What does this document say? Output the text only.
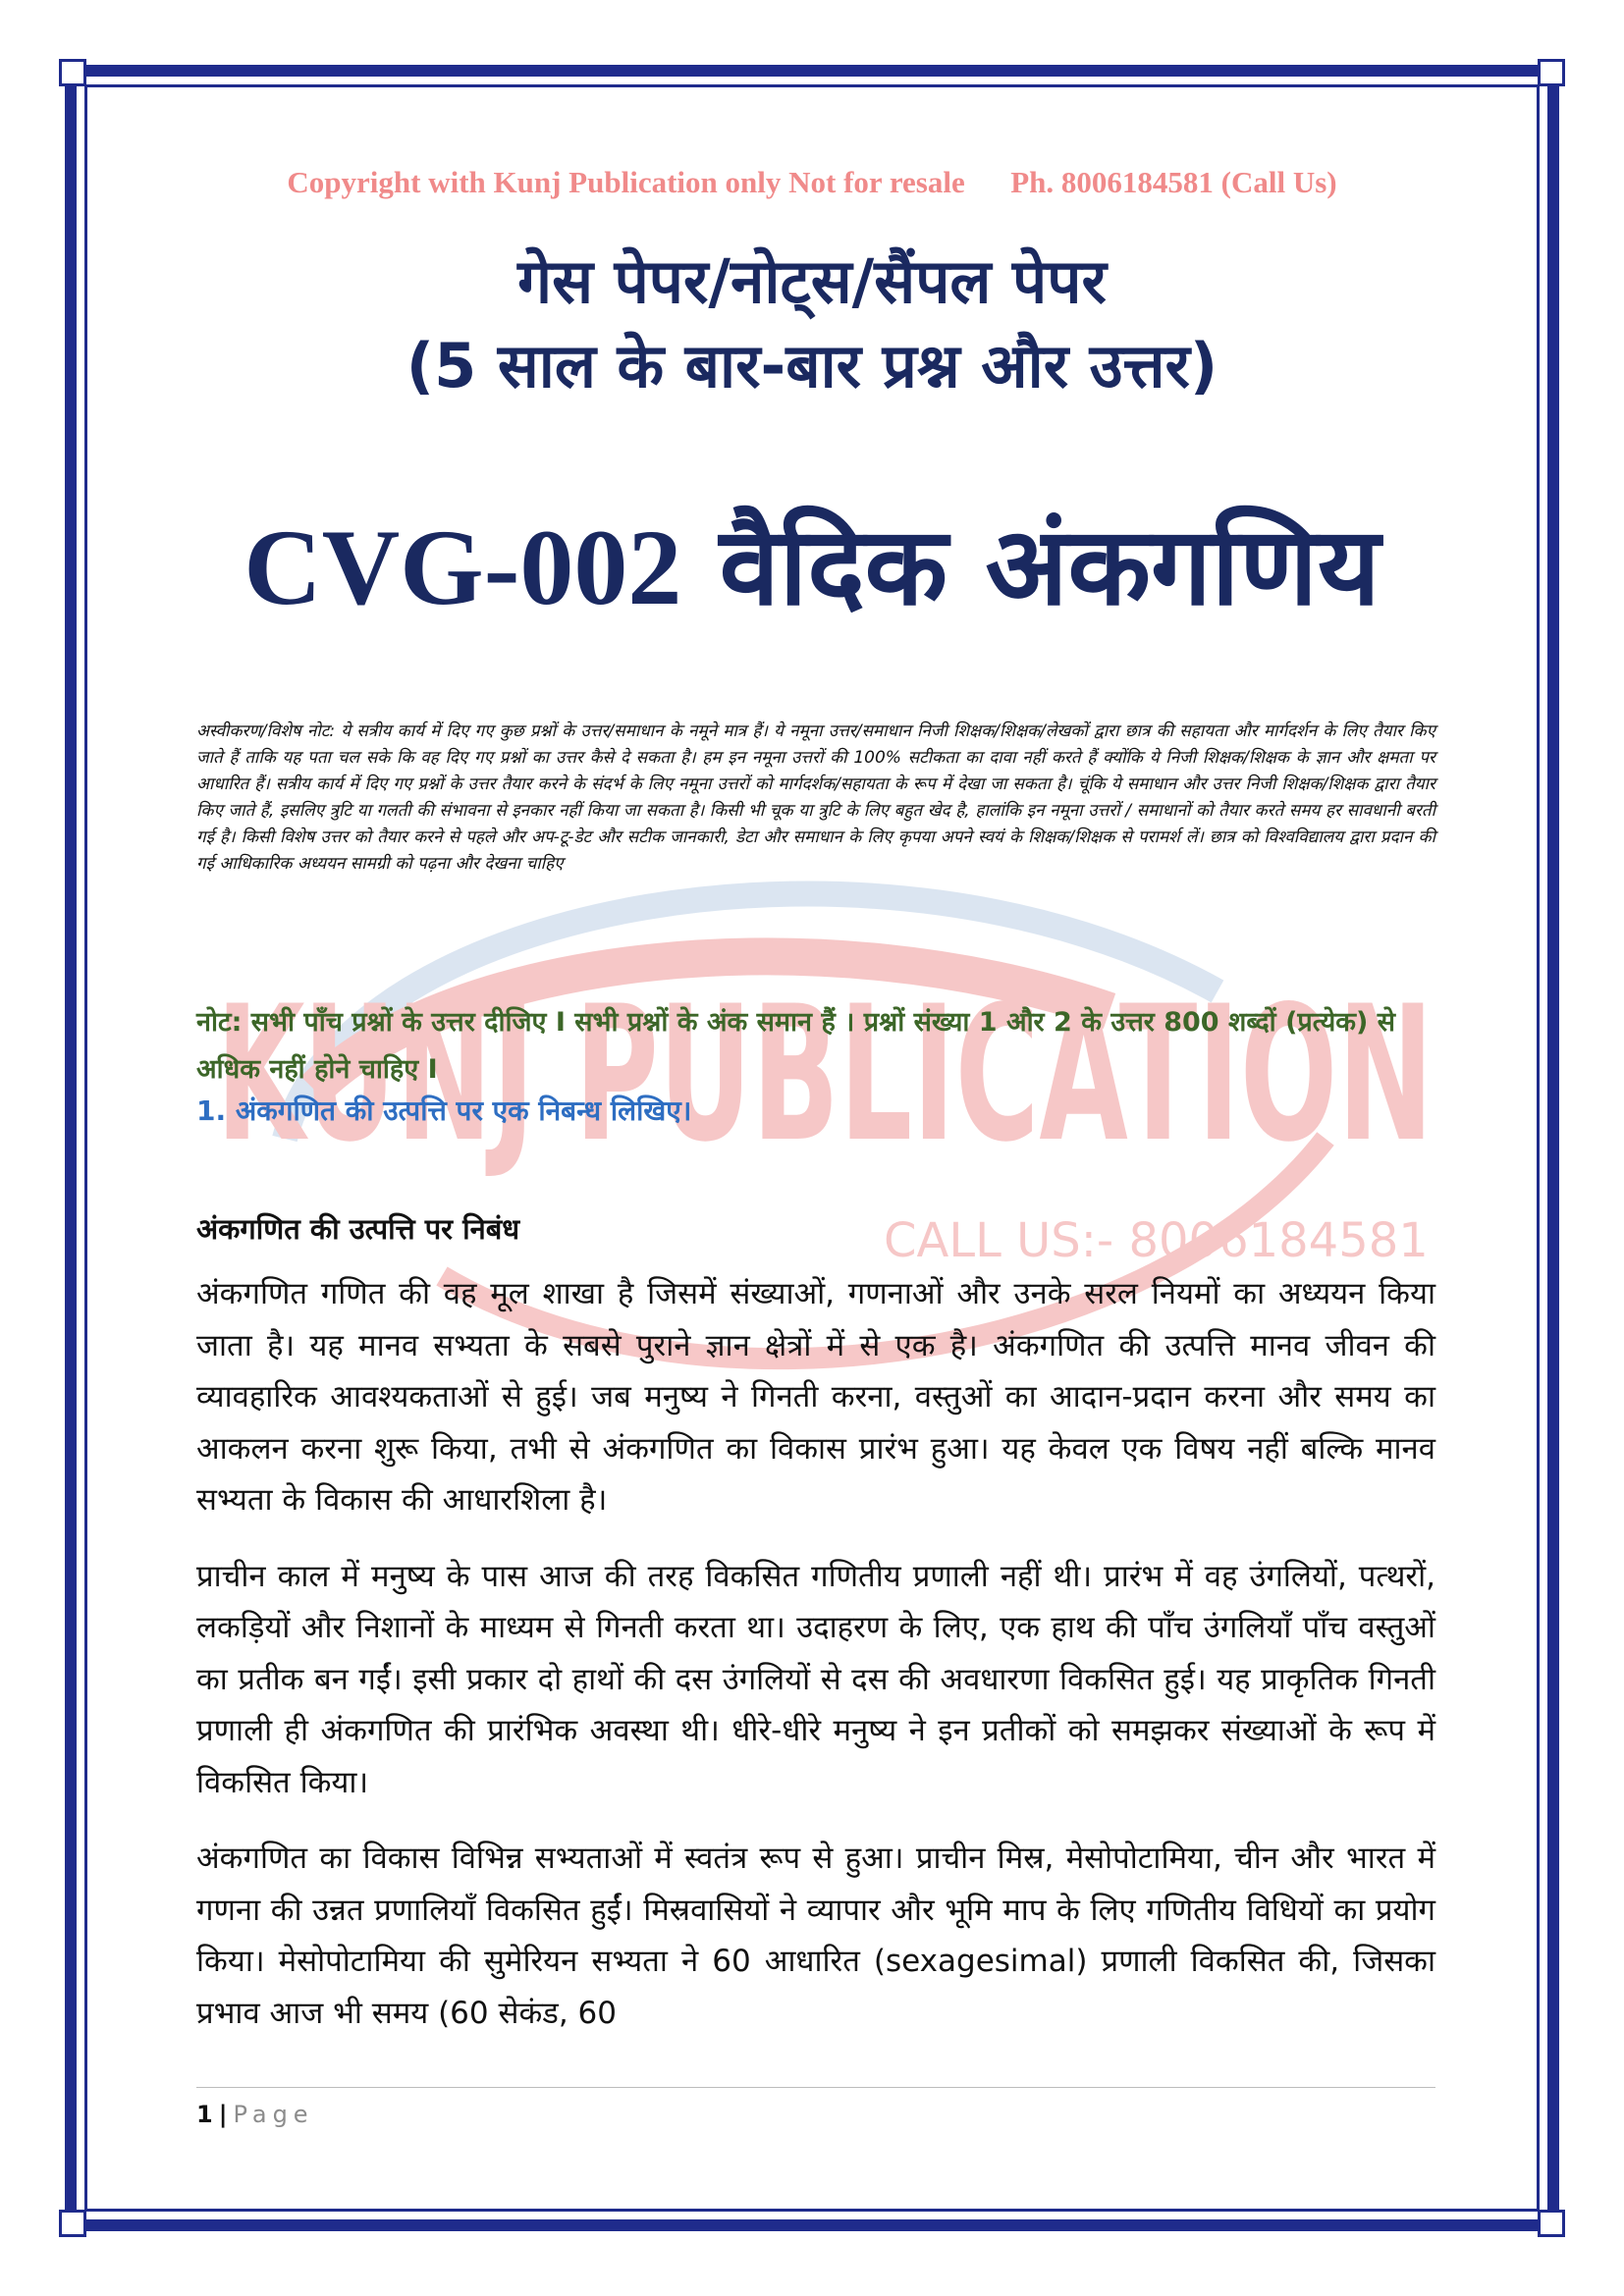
KUNJ PUBLICATION
CALL US:- 8006184581
Copyright with Kunj Publication only Not for resale      Ph. 8006184581 (Call Us)
गेस पेपर/नोट्स/सैंपल पेपर
(5 साल के बार-बार प्रश्न और उत्तर)
CVG-002 वैदिक अंकगणिय
अस्वीकरण/विशेष नोट: ये सत्रीय कार्य में दिए गए कुछ प्रश्नों के उत्तर/समाधान के नमूने मात्र हैं। ये नमूना उत्तर/समाधान निजी शिक्षक/शिक्षक/लेखकों द्वारा छात्र की सहायता और मार्गदर्शन के लिए तैयार किए जाते हैं ताकि यह पता चल सके कि वह दिए गए प्रश्नों का उत्तर कैसे दे सकता है। हम इन नमूना उत्तरों की 100% सटीकता का दावा नहीं करते हैं क्योंकि ये निजी शिक्षक/शिक्षक के ज्ञान और क्षमता पर आधारित हैं। सत्रीय कार्य में दिए गए प्रश्नों के उत्तर तैयार करने के संदर्भ के लिए नमूना उत्तरों को मार्गदर्शक/सहायता के रूप में देखा जा सकता है। चूंकि ये समाधान और उत्तर निजी शिक्षक/शिक्षक द्वारा तैयार किए जाते हैं, इसलिए त्रुटि या गलती की संभावना से इनकार नहीं किया जा सकता है। किसी भी चूक या त्रुटि के लिए बहुत खेद है, हालांकि इन नमूना उत्तरों / समाधानों को तैयार करते समय हर सावधानी बरती गई है। किसी विशेष उत्तर को तैयार करने से पहले और अप-टू-डेट और सटीक जानकारी, डेटा और समाधान के लिए कृपया अपने स्वयं के शिक्षक/शिक्षक से परामर्श लें। छात्र को विश्वविद्यालय द्वारा प्रदान की गई आधिकारिक अध्ययन सामग्री को पढ़ना और देखना चाहिए
नोट: सभी पाँच प्रश्नों के उत्तर दीजिए I सभी प्रश्नों के अंक समान हैं । प्रश्नों संख्या 1 और 2 के उत्तर 800 शब्दों (प्रत्येक) से अधिक नहीं होने चाहिए I
1. अंकगणित की उत्पत्ति पर एक निबन्ध लिखिए।
अंकगणित की उत्पत्ति पर निबंध

अंकगणित गणित की वह मूल शाखा है जिसमें संख्याओं, गणनाओं और उनके सरल नियमों का अध्ययन किया जाता है। यह मानव सभ्यता के सबसे पुराने ज्ञान क्षेत्रों में से एक है। अंकगणित की उत्पत्ति मानव जीवन की व्यावहारिक आवश्यकताओं से हुई। जब मनुष्य ने गिनती करना, वस्तुओं का आदान-प्रदान करना और समय का आकलन करना शुरू किया, तभी से अंकगणित का विकास प्रारंभ हुआ। यह केवल एक विषय नहीं बल्कि मानव सभ्यता के विकास की आधारशिला है।

प्राचीन काल में मनुष्य के पास आज की तरह विकसित गणितीय प्रणाली नहीं थी। प्रारंभ में वह उंगलियों, पत्थरों, लकड़ियों और निशानों के माध्यम से गिनती करता था। उदाहरण के लिए, एक हाथ की पाँच उंगलियाँ पाँच वस्तुओं का प्रतीक बन गईं। इसी प्रकार दो हाथों की दस उंगलियों से दस की अवधारणा विकसित हुई। यह प्राकृतिक गिनती प्रणाली ही अंकगणित की प्रारंभिक अवस्था थी। धीरे-धीरे मनुष्य ने इन प्रतीकों को समझकर संख्याओं के रूप में विकसित किया।

अंकगणित का विकास विभिन्न सभ्यताओं में स्वतंत्र रूप से हुआ। प्राचीन मिस्र, मेसोपोटामिया, चीन और भारत में गणना की उन्नत प्रणालियाँ विकसित हुईं। मिस्रवासियों ने व्यापार और भूमि माप के लिए गणितीय विधियों का प्रयोग किया। मेसोपोटामिया की सुमेरियन सभ्यता ने 60 आधारित (sexagesimal) प्रणाली विकसित की, जिसका प्रभाव आज भी समय (60 सेकंड, 60

1 | Page
